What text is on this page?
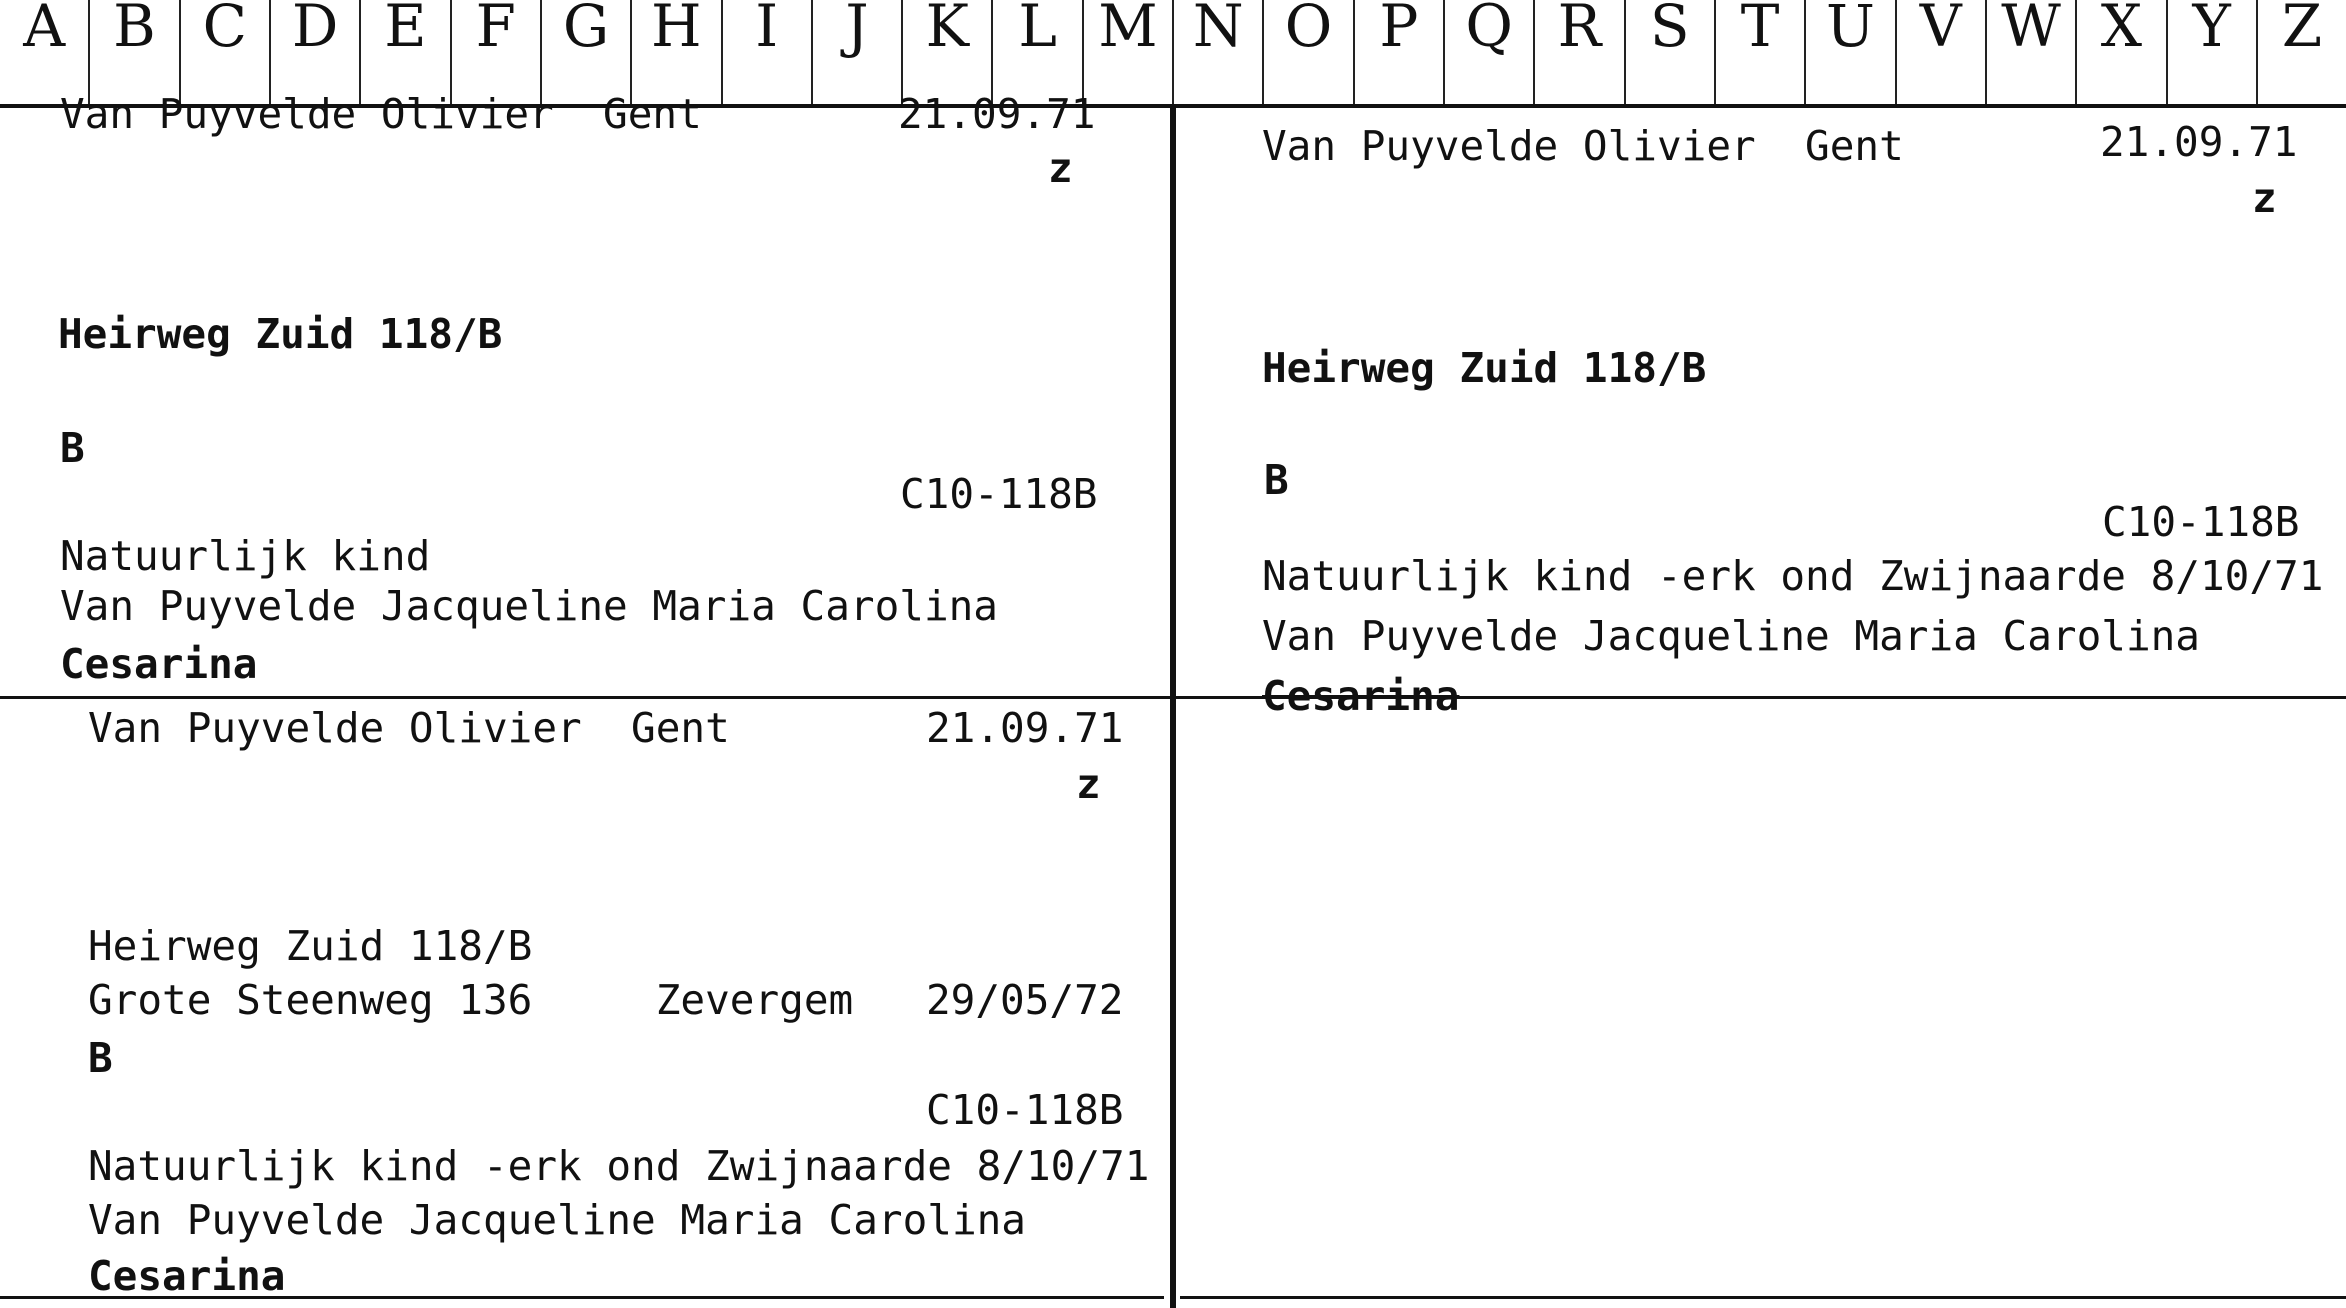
A B C D E F G H I	J K L M N O P Q R S T U V W X Y Z
Van Puyvelde Olivier  Gent	21.09.71
z
Heirweg Zuid 118/B
B
C10-118B
Natuurlijk kind
Van Puyvelde Jacqueline Maria Carolina
Cesarina
Van Puyvelde Olivier  Gent	21.09.71
z
Heirweg Zuid 118/B
B
C10-118B
Natuurlijk kind -erk ond Zwijnaarde 8/10/71
Van Puyvelde Jacqueline Maria Carolina
Cesarina
Van Puyvelde Olivier  Gent	21.09.71
z
Heirweg Zuid 118/B
Grote Steenweg 136     Zevergem 29/05/72
B
C10-118B
Natuurlijk kind -erk ond Zwijnaarde 8/10/71
Van Puyvelde Jacqueline Maria Carolina
Cesarina
